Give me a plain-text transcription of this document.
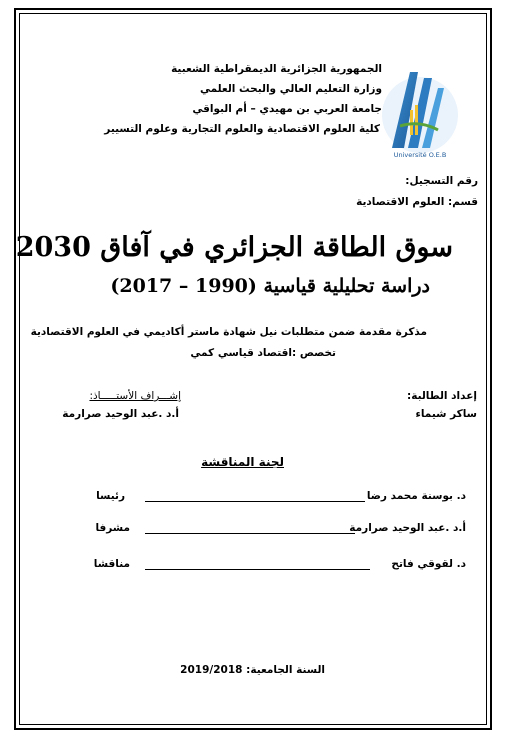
الجمهورية الجزائرية الديمقراطية الشعبية
وزارة التعليم العالي والبحث العلمي
جامعة العربي بن مهيدي – أم البواقي
كلية العلوم الاقتصادية والعلوم التجارية وعلوم التسيير
Université O.E.B
رقم التسجيل:
قسم: العلوم الاقتصادية
سوق الطاقة الجزائري في آفاق 2030
دراسة تحليلية قياسية (1990 – 2017)
مذكرة مقدمة ضمن متطلبات نيل شهادة ماستر أكاديمي في العلوم الاقتصادية
تخصص :اقتصاد قياسي كمي
إعداد الطالبة:
إشـــراف الأستـــــاذ:
ساكر شيماء
أ.د .عبد الوحيد صرارمة
لجنة المناقشة
د. بوسنة محمد رضا
رئيسا
أ.د .عبد الوحيد صرارمة
مشرفا
د. لقوقي فاتح
مناقشا
السنة الجامعية: 2019/2018
